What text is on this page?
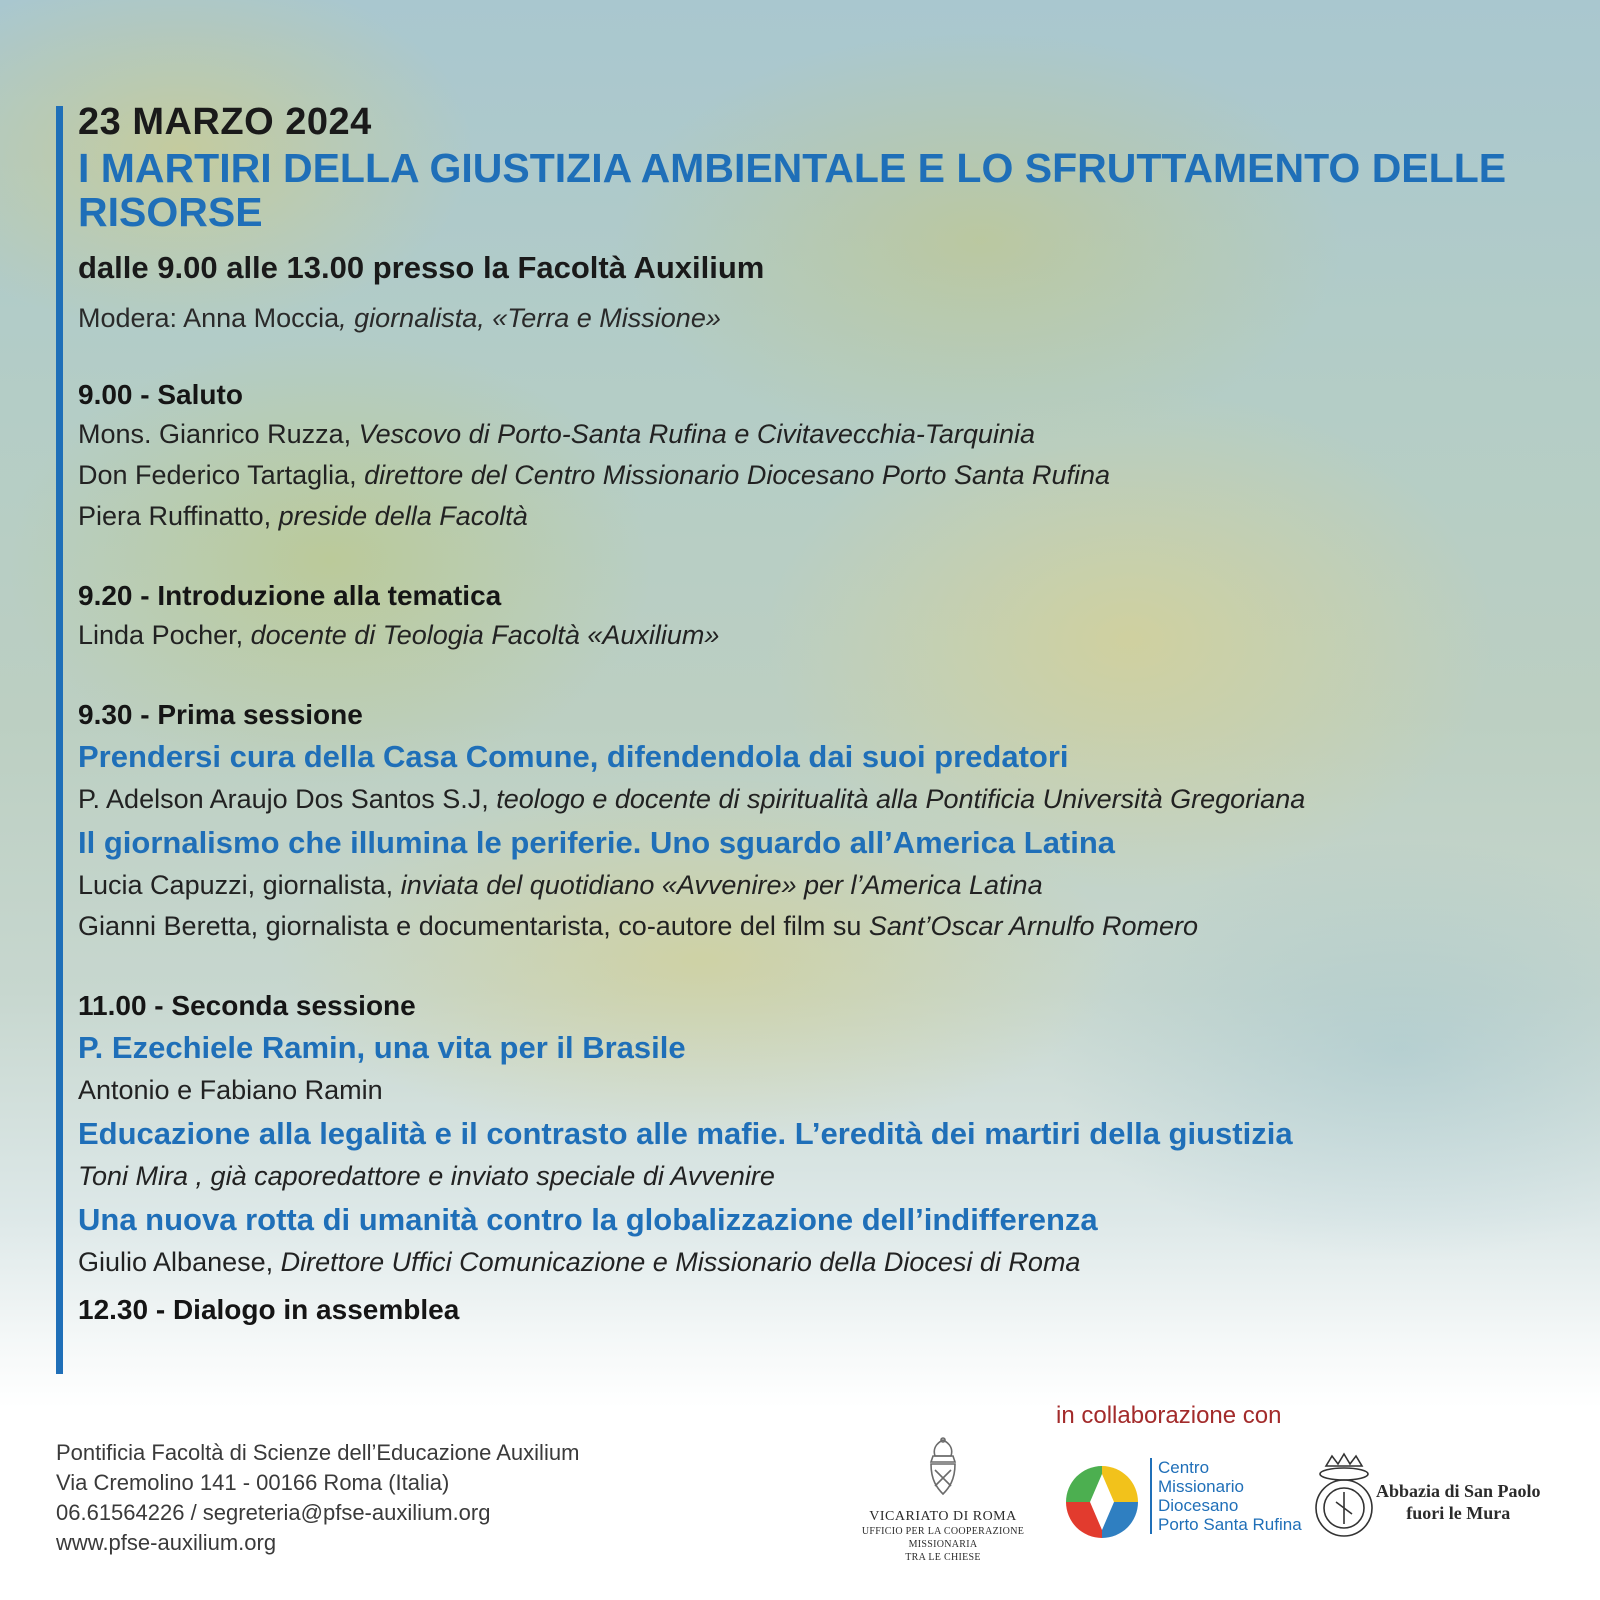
23 MARZO 2024
I MARTIRI DELLA GIUSTIZIA AMBIENTALE E LO SFRUTTAMENTO DELLE RISORSE
dalle 9.00 alle 13.00 presso la Facoltà Auxilium
Modera: Anna Moccia, giornalista, «Terra e Missione»
9.00 - Saluto
Mons. Gianrico Ruzza, Vescovo di Porto-Santa Rufina e Civitavecchia-Tarquinia
Don Federico Tartaglia, direttore del Centro Missionario Diocesano Porto Santa Rufina
Piera Ruffinatto, preside della Facoltà
9.20 - Introduzione alla tematica
Linda Pocher, docente di Teologia Facoltà «Auxilium»
9.30 - Prima sessione
Prendersi cura della Casa Comune, difendendola dai suoi predatori
P. Adelson Araujo Dos Santos S.J, teologo e docente di spiritualità alla Pontificia Università Gregoriana
Il giornalismo che illumina le periferie. Uno sguardo all’America Latina
Lucia Capuzzi, giornalista, inviata del quotidiano «Avvenire» per l’America Latina
Gianni Beretta, giornalista e documentarista, co-autore del film su Sant’Oscar Arnulfo Romero
11.00 - Seconda sessione
P. Ezechiele Ramin, una vita per il Brasile
Antonio e Fabiano Ramin
Educazione alla legalità e il contrasto alle mafie. L’eredità dei martiri della giustizia
Toni Mira , già caporedattore e inviato speciale di Avvenire
Una nuova rotta di umanità contro la globalizzazione dell’indifferenza
Giulio Albanese, Direttore Uffici Comunicazione e Missionario della Diocesi di Roma
12.30 - Dialogo in assemblea
Pontificia Facoltà di Scienze dell’Educazione Auxilium
Via Cremolino 141 - 00166 Roma (Italia)
06.61564226 / segreteria@pfse-auxilium.org
www.pfse-auxilium.org
in collaborazione con
VICARIATO DI ROMA
UFFICIO PER LA COOPERAZIONE MISSIONARIA
TRA LE CHIESE
Centro
Missionario
Diocesano
Porto Santa Rufina
Abbazia di San Paolo
fuori le Mura
